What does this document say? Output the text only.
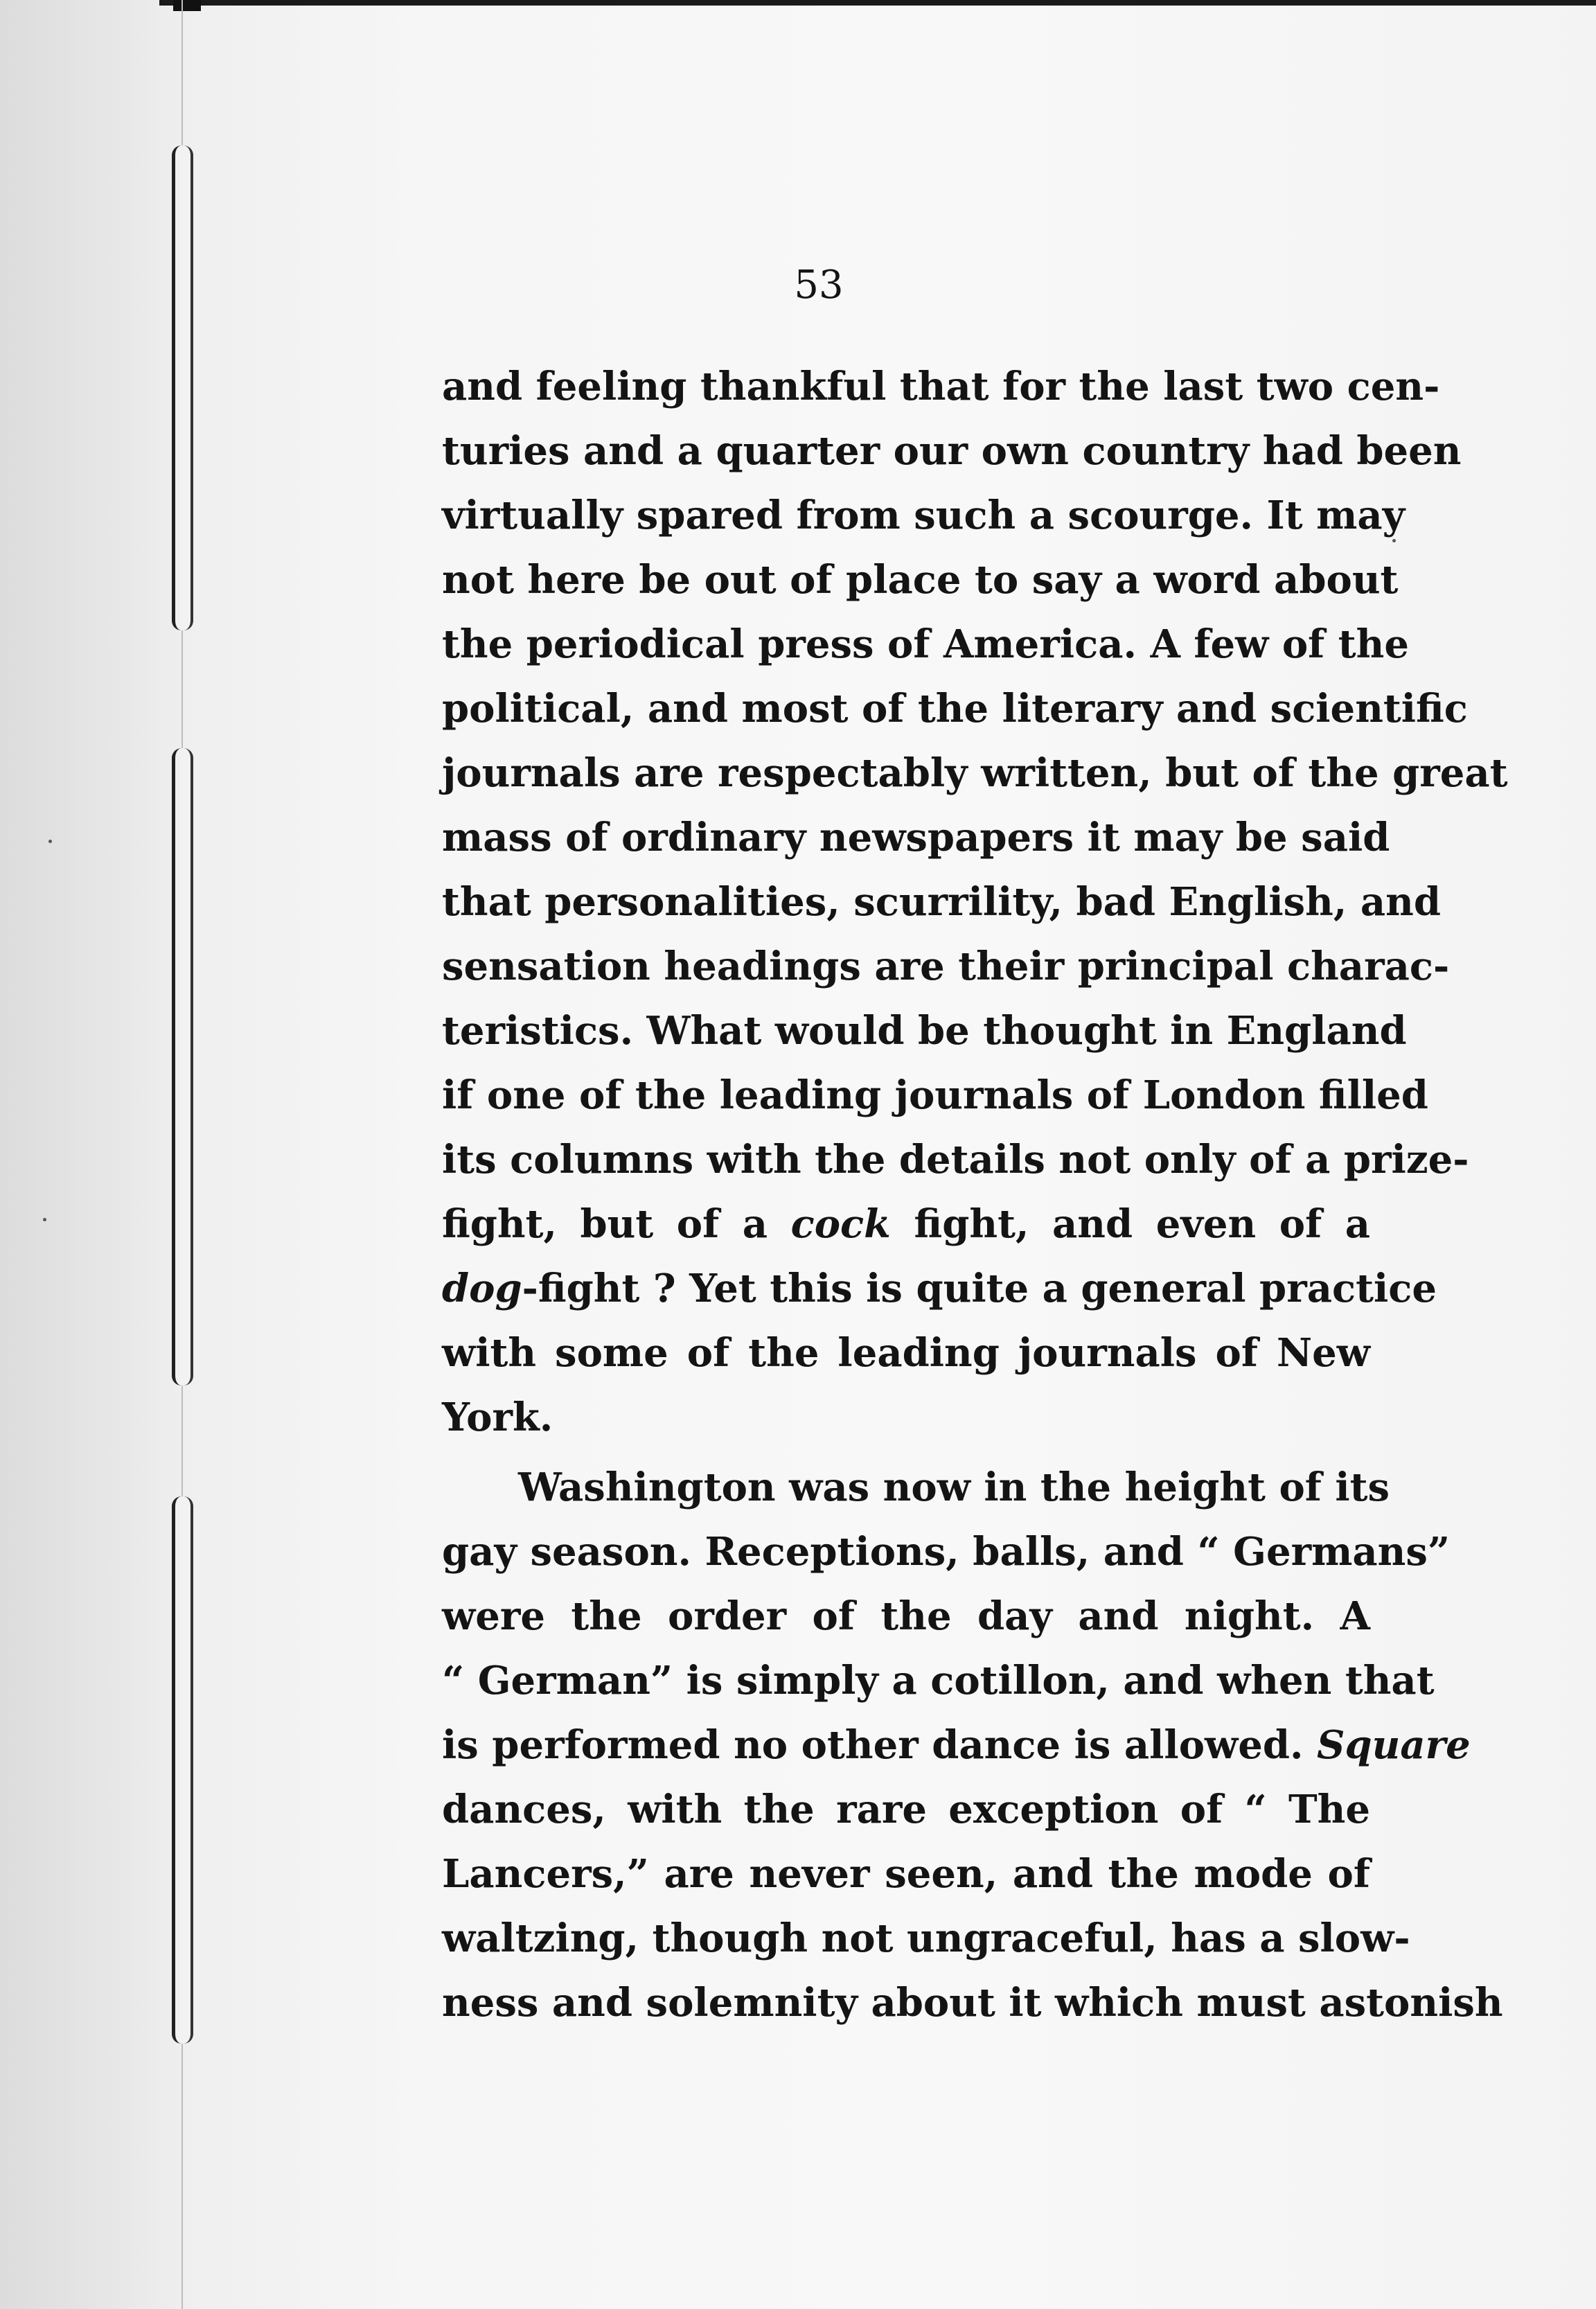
53
and feeling thankful that for the last two cen-
turies and a quarter our own country had been
virtually spared from such a scourge. It may
not here be out of place to say a word about
the periodical press of America. A few of the
political, and most of the literary and scientific
journals are respectably written, but of the great
mass of ordinary newspapers it may be said
that personalities, scurrility, bad English, and
sensation headings are their principal charac-
teristics. What would be thought in England
if one of the leading journals of London filled
its columns with the details not only of a prize-
fight, but of a cock fight, and even of a
dog-fight ? Yet this is quite a general practice
with some of the leading journals of New
York.
Washington was now in the height of its
gay season. Receptions, balls, and “ Germans”
were the order of the day and night. A
“ German” is simply a cotillon, and when that
is performed no other dance is allowed. Square
dances, with the rare exception of “ The
Lancers,” are never seen, and the mode of
waltzing, though not ungraceful, has a slow-
ness and solemnity about it which must astonish
